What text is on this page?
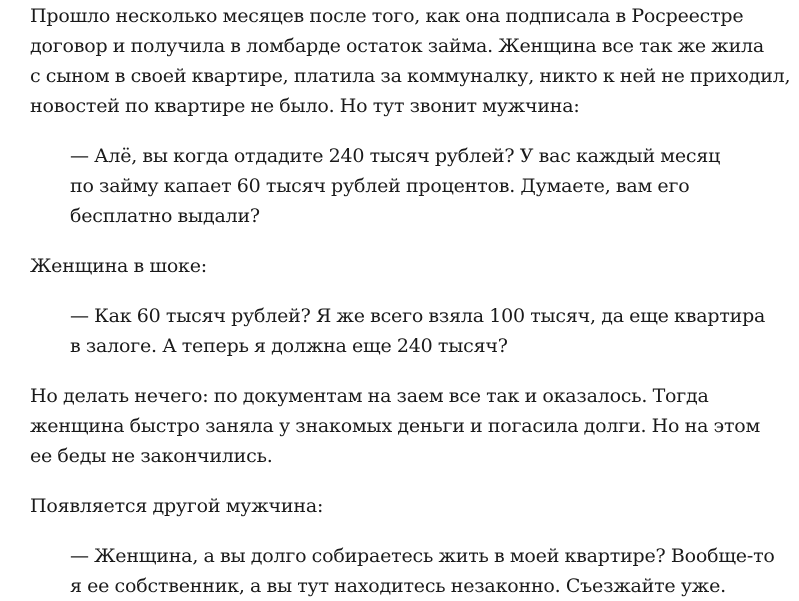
Прошло несколько месяцев после того, как она подписала в Росреестре
договор и получила в ломбарде остаток займа. Женщина все так же жила
с сыном в своей квартире, платила за коммуналку, никто к ней не приходил,
новостей по квартире не было. Но тут звонит мужчина:

— Алё, вы когда отдадите 240 тысяч рублей? У вас каждый месяц
по займу капает 60 тысяч рублей процентов. Думаете, вам его
бесплатно выдали?

Женщина в шоке:

— Как 60 тысяч рублей? Я же всего взяла 100 тысяч, да еще квартира
в залоге. А теперь я должна еще 240 тысяч?

Но делать нечего: по документам на заем все так и оказалось. Тогда
женщина быстро заняла у знакомых деньги и погасила долги. Но на этом
ее беды не закончились.

Появляется другой мужчина:

— Женщина, а вы долго собираетесь жить в моей квартире? Вообще-то
я ее собственник, а вы тут находитесь незаконно. Съезжайте уже.
